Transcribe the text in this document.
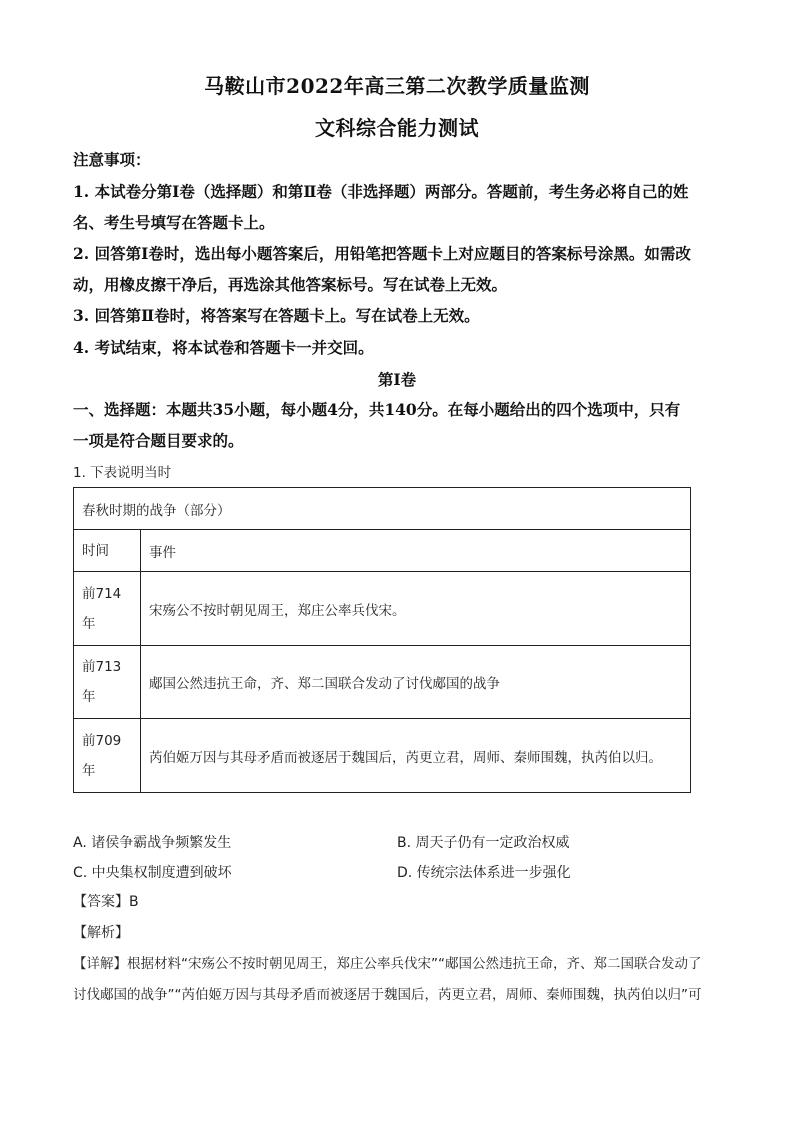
马鞍山市2022年高三第二次教学质量监测
文科综合能力测试
注意事项：
1. 本试卷分第Ⅰ卷（选择题）和第Ⅱ卷（非选择题）两部分。答题前，考生务必将自己的姓
名、考生号填写在答题卡上。
2. 回答第Ⅰ卷时，选出每小题答案后，用铅笔把答题卡上对应题目的答案标号涂黑。如需改
动，用橡皮擦干净后，再选涂其他答案标号。写在试卷上无效。
3. 回答第Ⅱ卷时，将答案写在答题卡上。写在试卷上无效。
4. 考试结束，将本试卷和答题卡一并交回。
第Ⅰ卷
一、选择题：本题共35小题，每小题4分，共140分。在每小题给出的四个选项中，只有
一项是符合题目要求的。
1. 下表说明当时
春秋时期的战争（部分）	
时间	事件
前714
年	宋殇公不按时朝见周王，郑庄公率兵伐宋。
前713
年	郕国公然违抗王命，齐、郑二国联合发动了讨伐郕国的战争
前709
年	芮伯姬万因与其母矛盾而被逐居于魏国后，芮更立君，周师、秦师围魏，执芮伯以归。
A. 诸侯争霸战争频繁发生	B. 周天子仍有一定政治权威
C. 中央集权制度遭到破坏	D. 传统宗法体系进一步强化
【答案】B
【解析】
【详解】根据材料“宋殇公不按时朝见周王，郑庄公率兵伐宋”“郕国公然违抗王命，齐、郑二国联合发动了
讨伐郕国的战争”“芮伯姬万因与其母矛盾而被逐居于魏国后，芮更立君，周师、秦师围魏，执芮伯以归”可
